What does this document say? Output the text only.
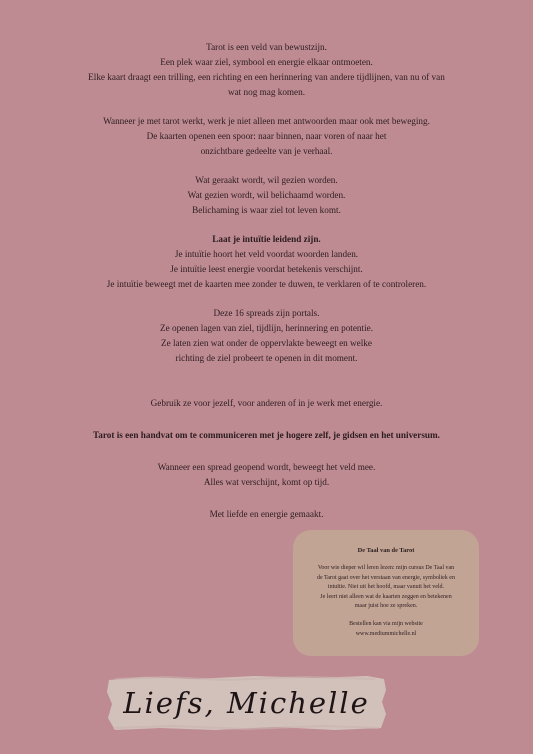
Tarot is een veld van bewustzijn.

Een plek waar ziel, symbool en energie elkaar ontmoeten.

Elke kaart draagt een trilling, een richting en een herinnering van andere tijdlijnen, van nu of van

wat nog mag komen.

Wanneer je met tarot werkt, werk je niet alleen met antwoorden maar ook met beweging.

De kaarten openen een spoor: naar binnen, naar voren of naar het

onzichtbare gedeelte van je verhaal.

Wat geraakt wordt, wil gezien worden.

Wat gezien wordt, wil belichaamd worden.

Belichaming is waar ziel tot leven komt.

Laat je intuïtie leidend zijn.

Je intuïtie hoort het veld voordat woorden landen.

Je intuïtie leest energie voordat betekenis verschijnt.

Je intuïtie beweegt met de kaarten mee zonder te duwen, te verklaren of te controleren.

Deze 16 spreads zijn portals.

Ze openen lagen van ziel, tijdlijn, herinnering en potentie.

Ze laten zien wat onder de oppervlakte beweegt en welke

richting de ziel probeert te openen in dit moment.

Gebruik ze voor jezelf, voor anderen of in je werk met energie.

Tarot is een handvat om te communiceren met je hogere zelf, je gidsen en het universum.

Wanneer een spread geopend wordt, beweegt het veld mee.

Alles wat verschijnt, komt op tijd.

Met liefde en energie gemaakt.

De Taal van de Tarot
Voor wie dieper wil leren lezen: mijn cursus De Taal van
de Tarot gaat over het verstaan van energie, symboliek en
intuïtie. Niet uit het hoofd, maar vanuit het veld.
Je leert niet alleen wat de kaarten zeggen en betekenen
maar juist hoe ze spreken.
Bestellen kan via mijn website
www.mediummichelle.nl
Liefs, Michelle
